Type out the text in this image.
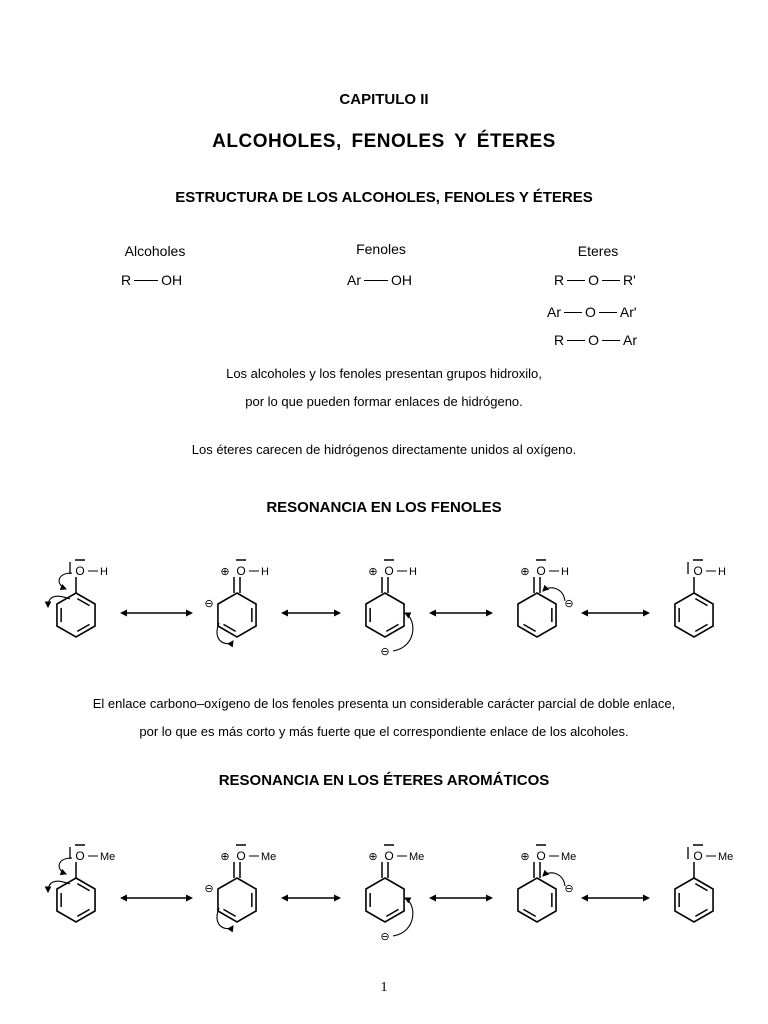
CAPITULO II
ALCOHOLES, FENOLES Y ÉTERES
ESTRUCTURA DE LOS ALCOHOLES, FENOLES Y ÉTERES
Alcoholes
R OH
Fenoles
Ar OH
Eteres
R O R'
Ar O Ar'
R O Ar
Los alcoholes y los fenoles presentan grupos hidroxilo,
por lo que pueden formar enlaces de hidrógeno.
Los éteres carecen de hidrógenos directamente unidos al oxígeno.
RESONANCIA EN LOS FENOLES
O H	O H
⊕
⊖
O H
⊕
⊖
O H
⊕
⊖
O H
El enlace carbono–oxígeno de los fenoles presenta un considerable carácter parcial de doble enlace,
por lo que es más corto y más fuerte que el correspondiente enlace de los alcoholes.
RESONANCIA EN LOS ÉTERES AROMÁTICOS
O Me	O Me
⊕
⊖
O Me
⊕
⊖
O Me
⊕
⊖
O Me
1
